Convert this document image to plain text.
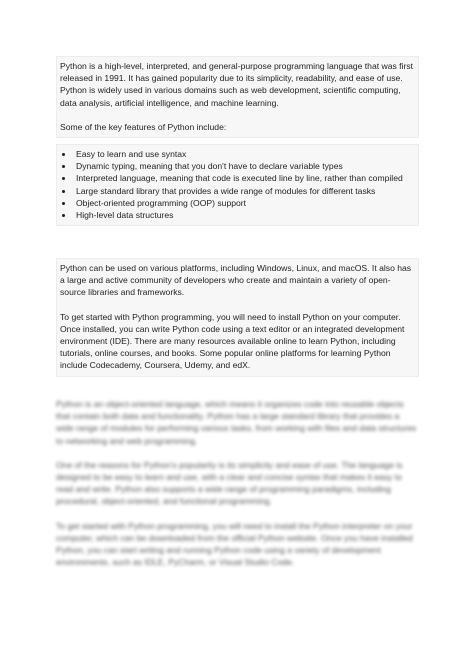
Python is a high-level, interpreted, and general-purpose programming language that was first released in 1991. It has gained popularity due to its simplicity, readability, and ease of use. Python is widely used in various domains such as web development, scientific computing, data analysis, artificial intelligence, and machine learning.

Some of the key features of Python include:

• Easy to learn and use syntax
• Dynamic typing, meaning that you don't have to declare variable types
• Interpreted language, meaning that code is executed line by line, rather than compiled
• Large standard library that provides a wide range of modules for different tasks
• Object-oriented programming (OOP) support
• High-level data structures

Python can be used on various platforms, including Windows, Linux, and macOS. It also has a large and active community of developers who create and maintain a variety of open-source libraries and frameworks.

To get started with Python programming, you will need to install Python on your computer. Once installed, you can write Python code using a text editor or an integrated development environment (IDE). There are many resources available online to learn Python, including tutorials, online courses, and books. Some popular online platforms for learning Python include Codecademy, Coursera, Udemy, and edX.

Python is an object-oriented language, which means it organizes code into reusable objects that contain both data and functionality. Python has a large standard library that provides a wide range of modules for performing various tasks, from working with files and data structures to networking and web programming.

One of the reasons for Python's popularity is its simplicity and ease of use. The language is designed to be easy to learn and use, with a clear and concise syntax that makes it easy to read and write. Python also supports a wide range of programming paradigms, including procedural, object-oriented, and functional programming.

To get started with Python programming, you will need to install the Python interpreter on your computer, which can be downloaded from the official Python website. Once you have installed Python, you can start writing and running Python code using a variety of development environments, such as IDLE, PyCharm, or Visual Studio Code.
